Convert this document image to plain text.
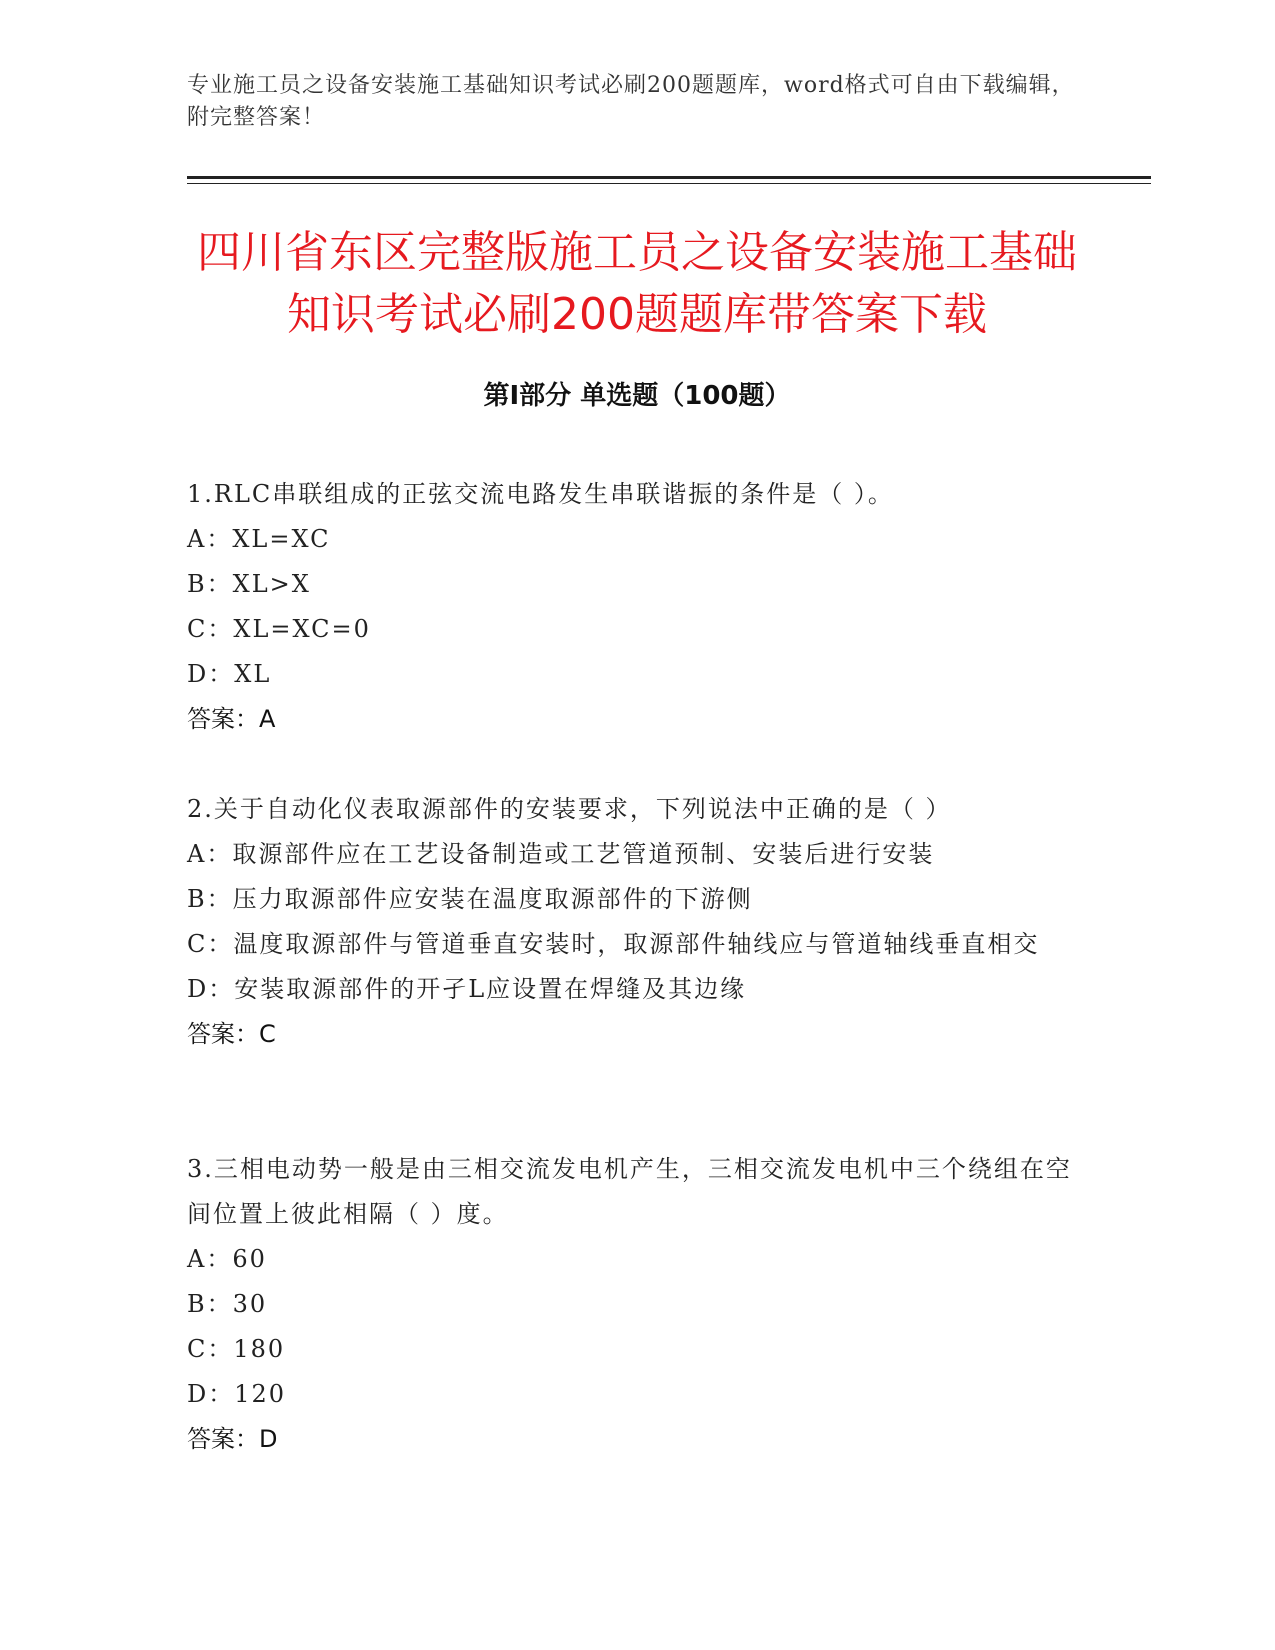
专业施工员之设备安装施工基础知识考试必刷200题题库，word格式可自由下载编辑，附完整答案！
四川省东区完整版施工员之设备安装施工基础知识考试必刷200题题库带答案下载
第Ⅰ部分 单选题（100题）

1.RLC串联组成的正弦交流电路发生串联谐振的条件是（ ）。

A：XL=XC

B：XL>X

C：XL=XC=0

D：XL

答案：A

2.关于自动化仪表取源部件的安装要求，下列说法中正确的是（ ）

A：取源部件应在工艺设备制造或工艺管道预制、安装后进行安装

B：压力取源部件应安装在温度取源部件的下游侧

C：温度取源部件与管道垂直安装时，取源部件轴线应与管道轴线垂直相交

D：安装取源部件的开孑L应设置在焊缝及其边缘

答案：C

3.三相电动势一般是由三相交流发电机产生，三相交流发电机中三个绕组在空间位置上彼此相隔（ ）度。

A：60

B：30

C：180

D：120

答案：D
